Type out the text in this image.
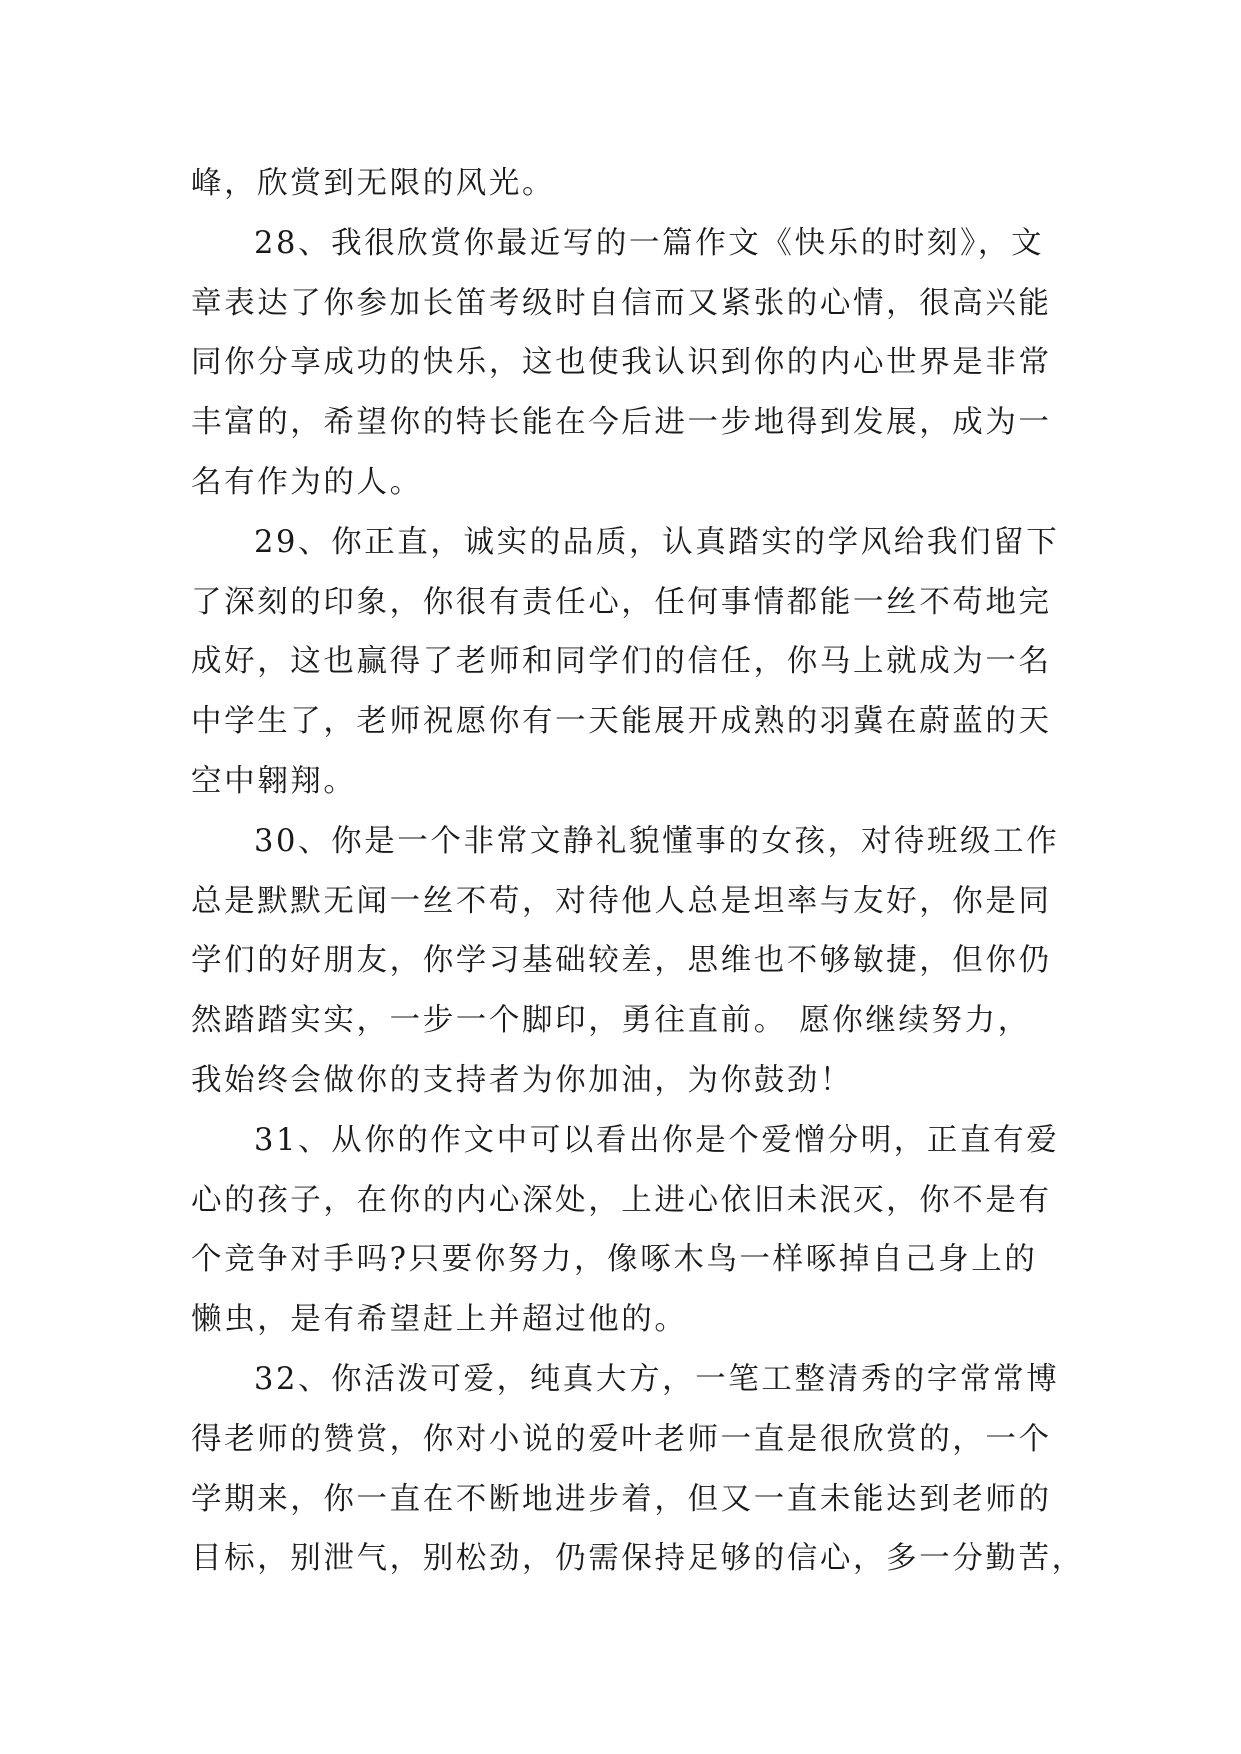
峰，欣赏到无限的风光。
28、我很欣赏你最近写的一篇作文《快乐的时刻》，文
章表达了你参加长笛考级时自信而又紧张的心情，很高兴能
同你分享成功的快乐，这也使我认识到你的内心世界是非常
丰富的，希望你的特长能在今后进一步地得到发展，成为一
名有作为的人。
29、你正直，诚实的品质，认真踏实的学风给我们留下
了深刻的印象，你很有责任心，任何事情都能一丝不苟地完
成好，这也赢得了老师和同学们的信任，你马上就成为一名
中学生了，老师祝愿你有一天能展开成熟的羽冀在蔚蓝的天
空中翱翔。
30、你是一个非常文静礼貌懂事的女孩，对待班级工作
总是默默无闻一丝不苟，对待他人总是坦率与友好，你是同
学们的好朋友，你学习基础较差，思维也不够敏捷，但你仍
然踏踏实实，一步一个脚印，勇往直前。 愿你继续努力，
我始终会做你的支持者为你加油，为你鼓劲！
31、从你的作文中可以看出你是个爱憎分明，正直有爱
心的孩子，在你的内心深处，上进心依旧未泯灭，你不是有
个竞争对手吗?只要你努力，像啄木鸟一样啄掉自己身上的
懒虫，是有希望赶上并超过他的。
32、你活泼可爱，纯真大方，一笔工整清秀的字常常博
得老师的赞赏，你对小说的爱叶老师一直是很欣赏的，一个
学期来，你一直在不断地进步着，但又一直未能达到老师的
目标，别泄气，别松劲，仍需保持足够的信心，多一分勤苦，
